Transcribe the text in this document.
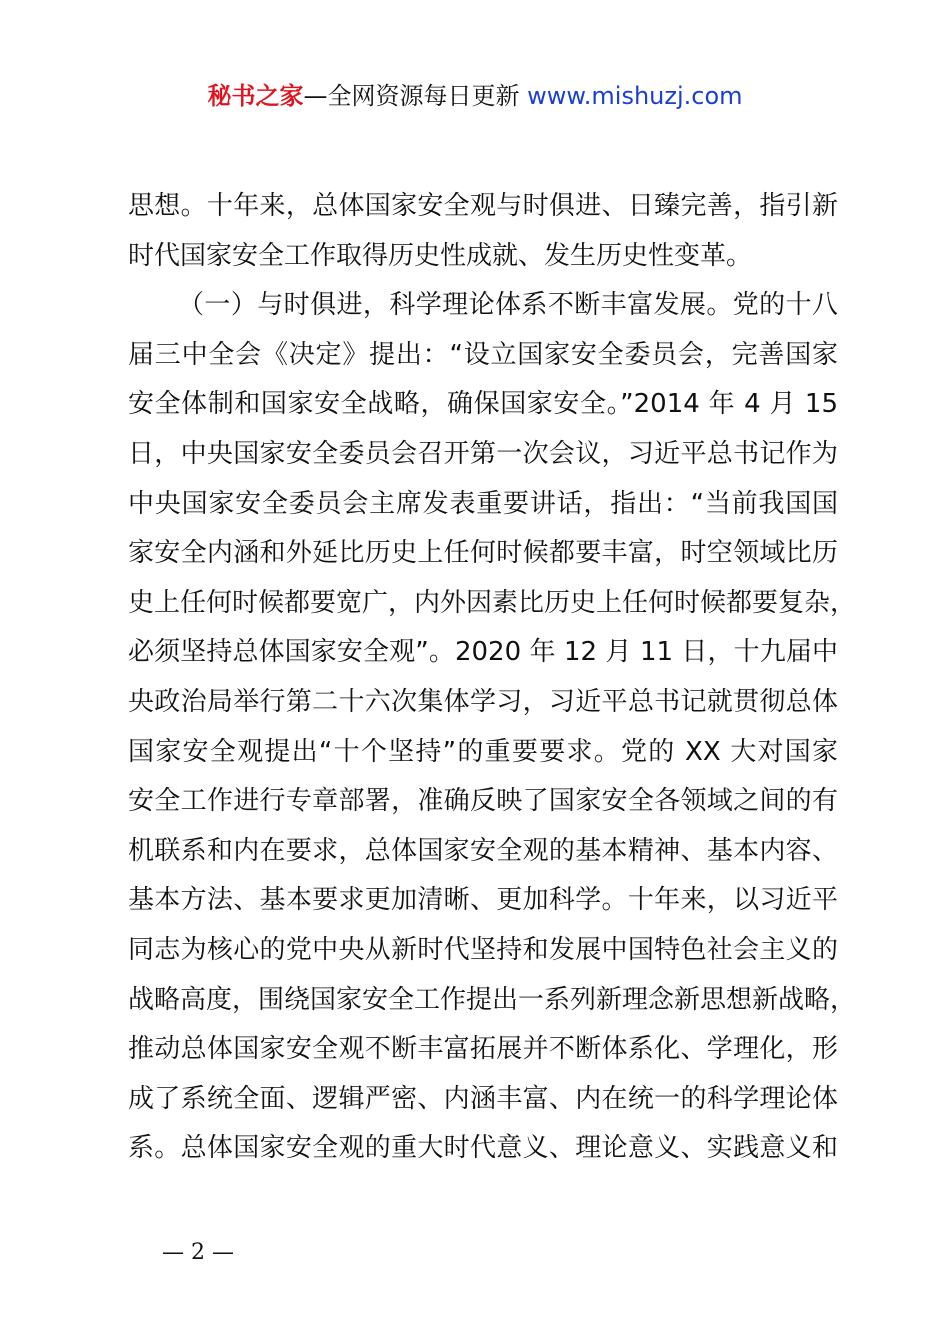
秘书之家—全网资源每日更新 www.mishuzj.com
思想。十年来，总体国家安全观与时俱进、日臻完善，指引新
时代国家安全工作取得历史性成就、发生历史性变革。
（一）与时俱进，科学理论体系不断丰富发展。党的十八
届三中全会《决定》提出：“设立国家安全委员会，完善国家
安全体制和国家安全战略，确保国家安全。”2014 年 4 月 15
日，中央国家安全委员会召开第一次会议，习近平总书记作为
中央国家安全委员会主席发表重要讲话，指出：“当前我国国
家安全内涵和外延比历史上任何时候都要丰富，时空领域比历
史上任何时候都要宽广，内外因素比历史上任何时候都要复杂，
必须坚持总体国家安全观”。2020 年 12 月 11 日，十九届中
央政治局举行第二十六次集体学习，习近平总书记就贯彻总体
国家安全观提出“十个坚持”的重要要求。党的 XX 大对国家
安全工作进行专章部署，准确反映了国家安全各领域之间的有
机联系和内在要求，总体国家安全观的基本精神、基本内容、
基本方法、基本要求更加清晰、更加科学。十年来，以习近平
同志为核心的党中央从新时代坚持和发展中国特色社会主义的
战略高度，围绕国家安全工作提出一系列新理念新思想新战略，
推动总体国家安全观不断丰富拓展并不断体系化、学理化，形
成了系统全面、逻辑严密、内涵丰富、内在统一的科学理论体
系。总体国家安全观的重大时代意义、理论意义、实践意义和
— 2 —
